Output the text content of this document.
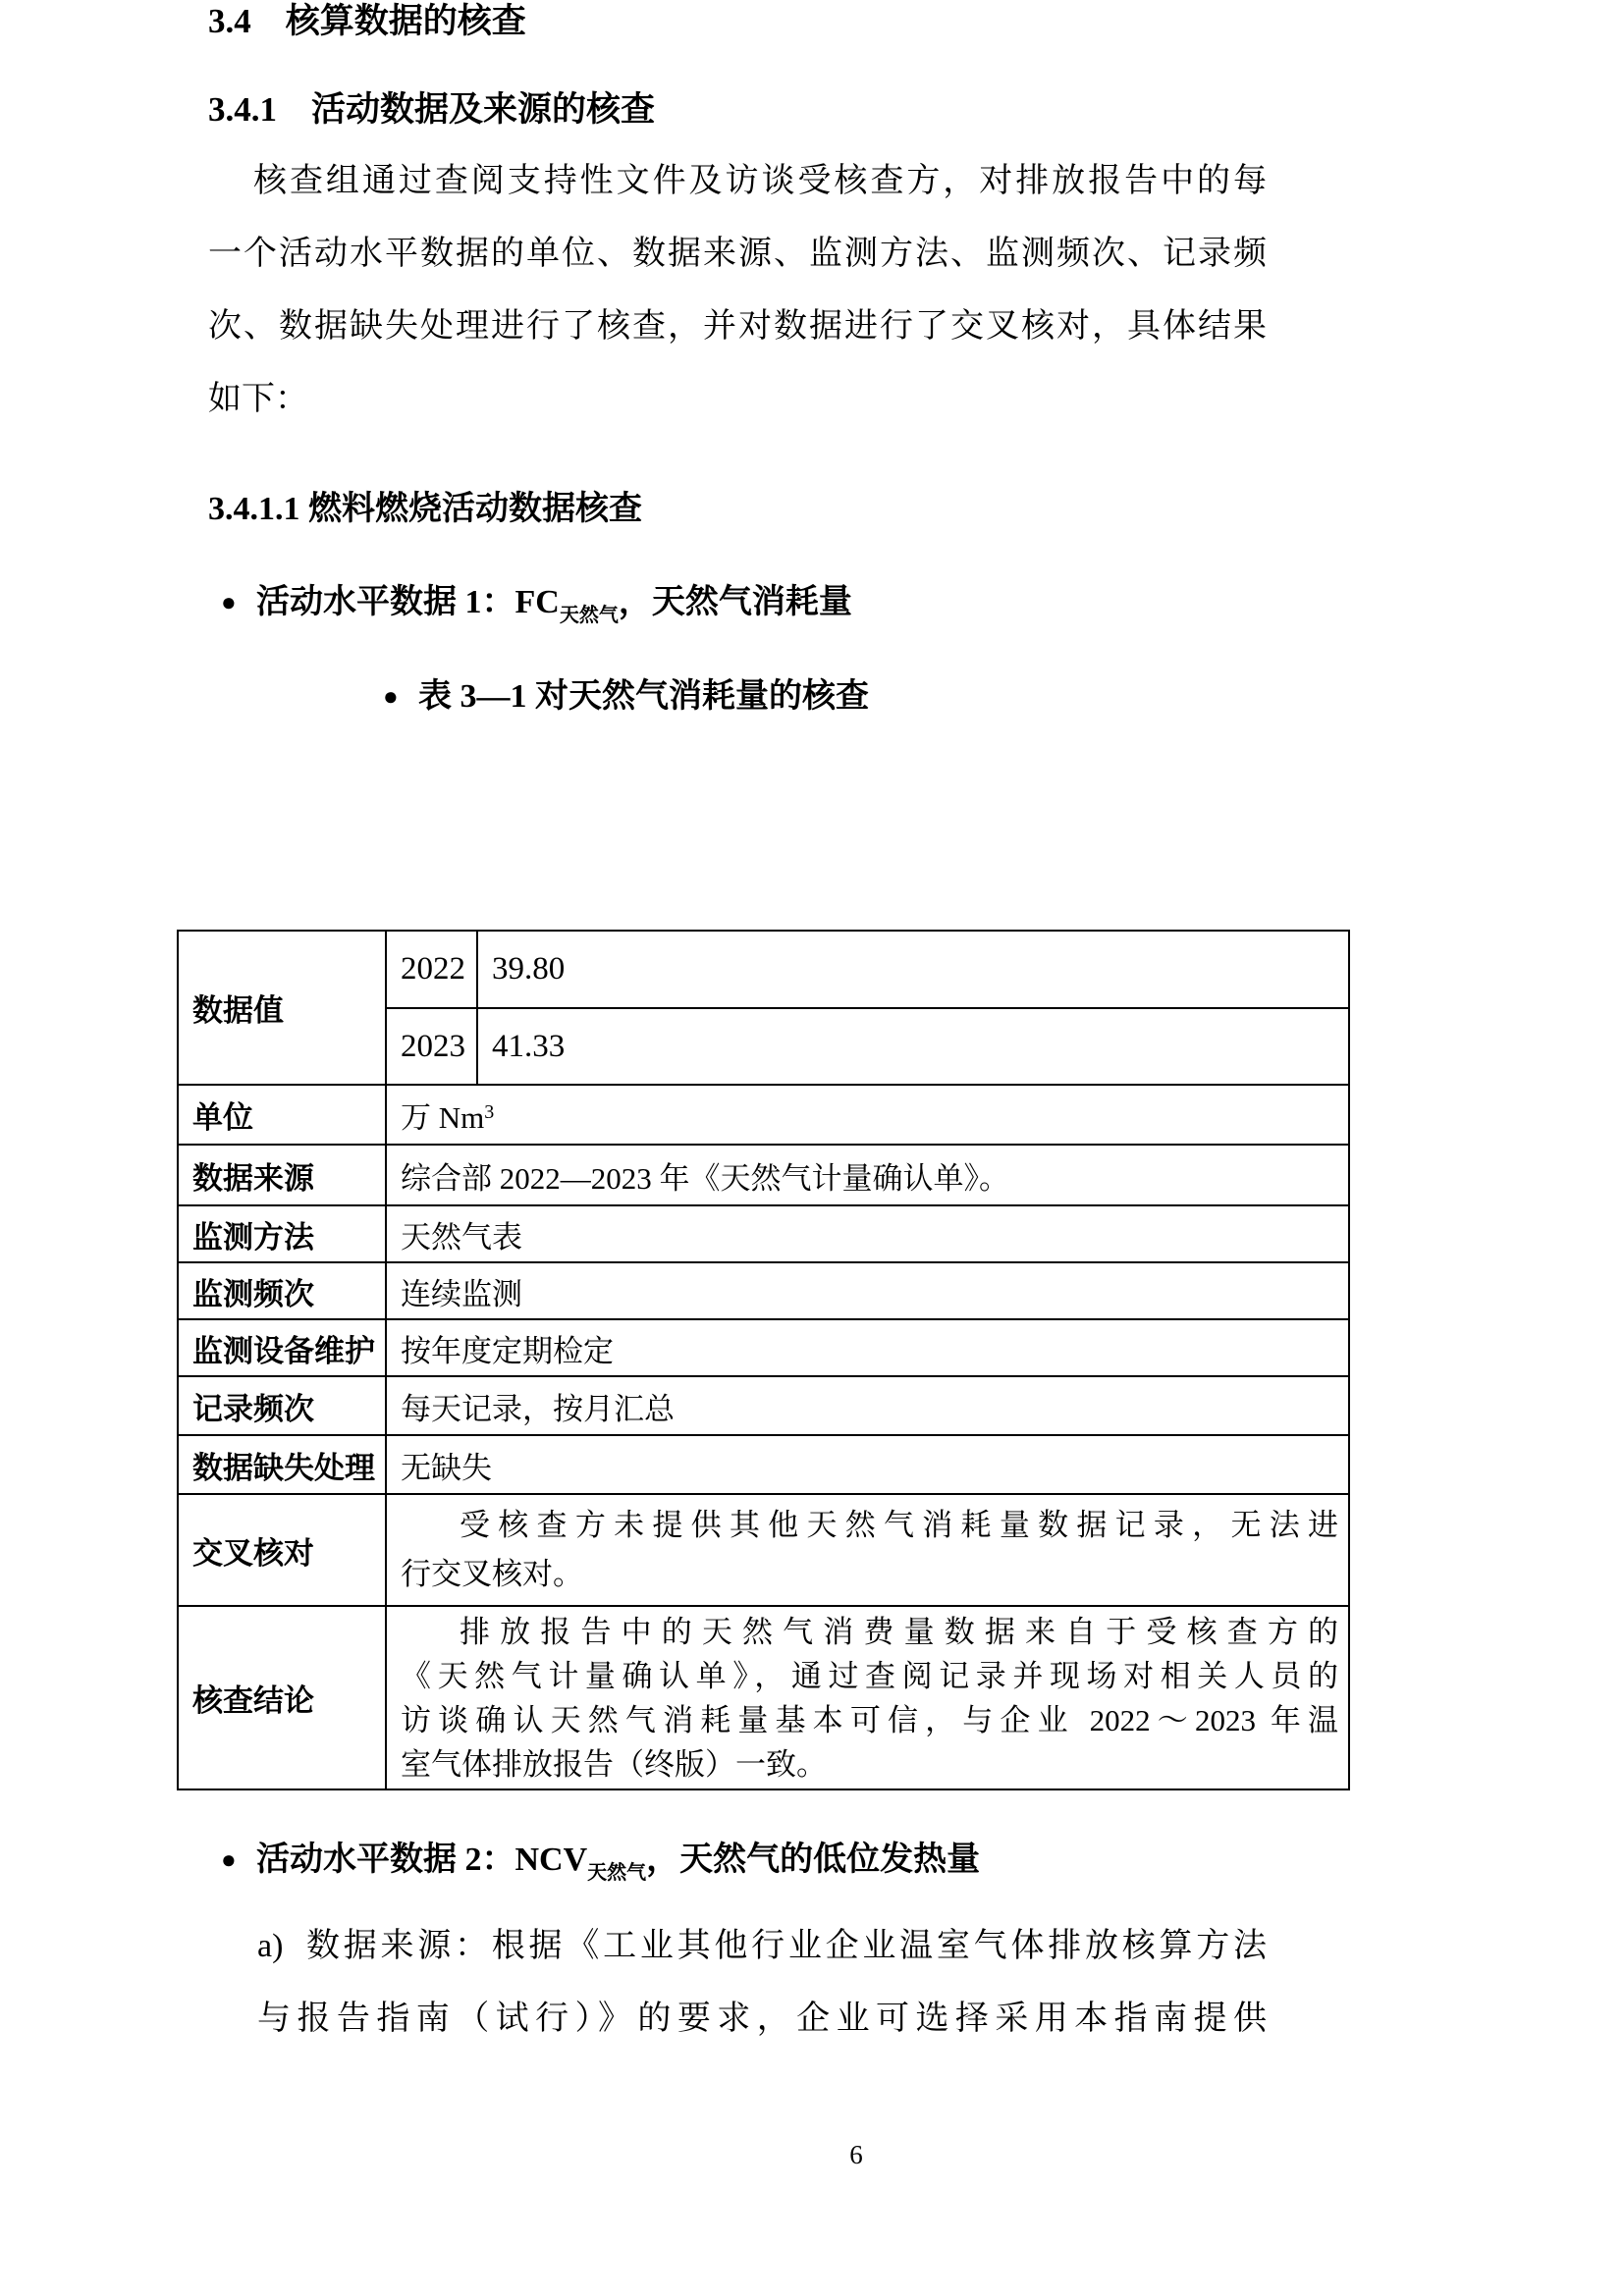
3.4　核算数据的核查
3.4.1　活动数据及来源的核查
核查组通过查阅支持性文件及访谈受核查方，对排放报告中的每
一个活动水平数据的单位、数据来源、监测方法、监测频次、记录频
次、数据缺失处理进行了核查，并对数据进行了交叉核对，具体结果
如下：
3.4.1.1 燃料燃烧活动数据核查
● 活动水平数据 1：$FC_{天然气}$，天然气消耗量
● 表 3—1 对天然气消耗量的核查
数据值	2022	39.80
	2023	41.33
单位	万 Nm$^3$
数据来源	综合部 2022—2023 年《天然气计量确认单》。	
监测方法	天然气表	
监测频次	连续监测	
监测设备维护	按年度定期检定	
记录频次	每天记录，按月汇总	
数据缺失处理	无缺失	
交叉核对	受核查方未提供其他天然气消耗量数据记录，无法进
行交叉核对。	

核查结论	排放报告中的天然气消费量数据来自于受核查方的
《天然气计量确认单》，通过查阅记录并现场对相关人员的
访谈确认天然气消耗量基本可信，与企业 2022～2023 年温
室气体排放报告（终版）一致。	
● 活动水平数据 2：$NCV_{天然气}$，天然气的低位发热量
a) 数据来源：根据《工业其他行业企业温室气体排放核算方法
与报告指南（试行）》的要求，企业可选择采用本指南提供
6
